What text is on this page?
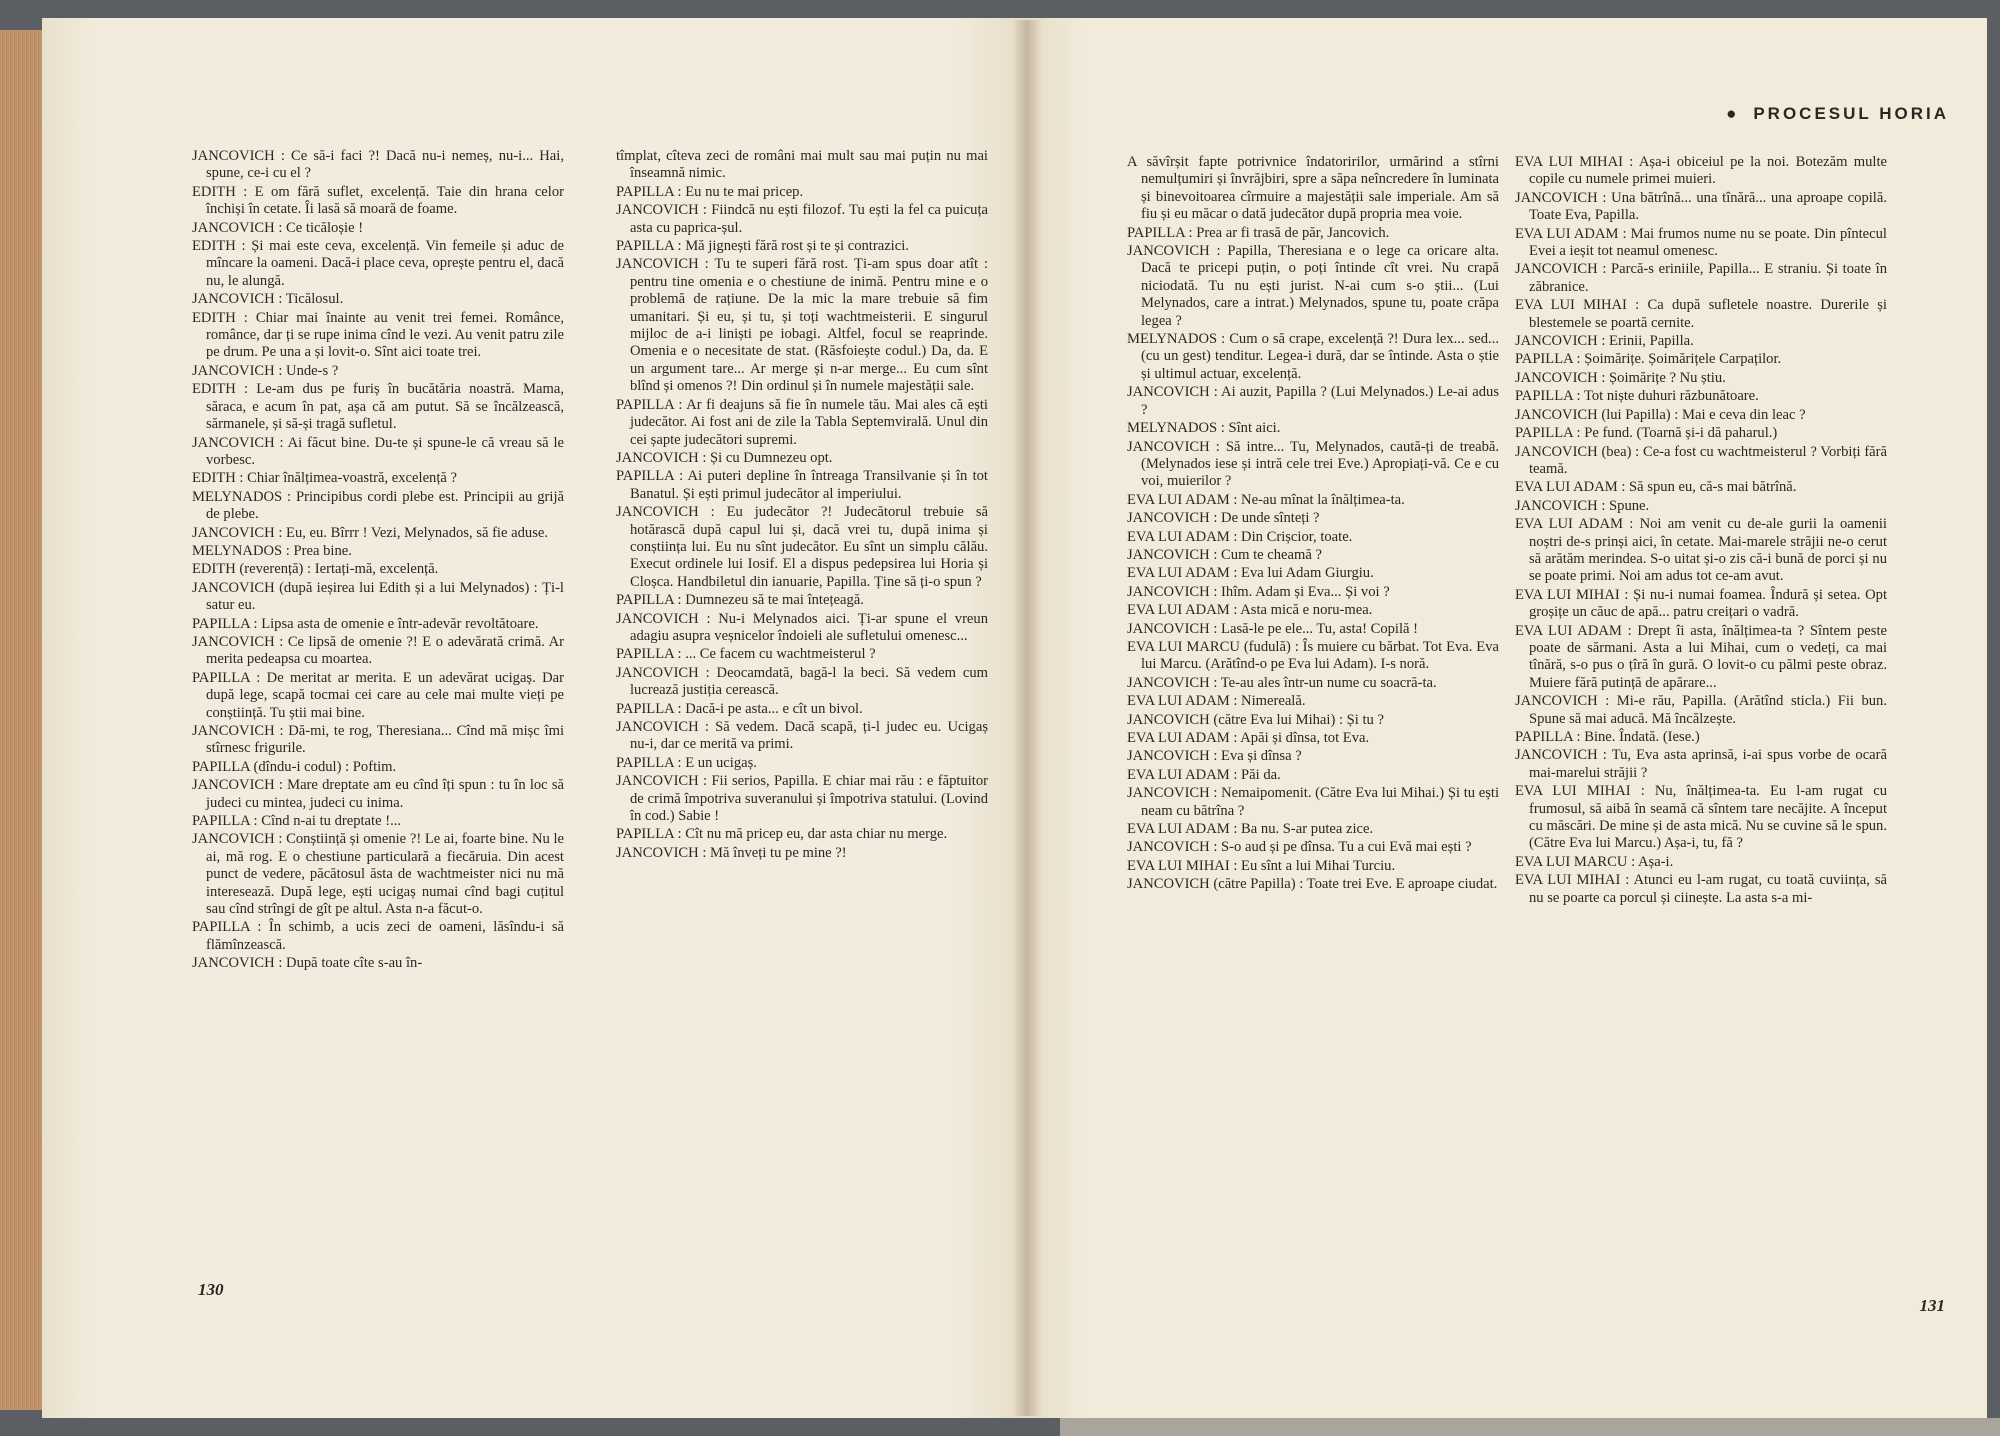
JANCOVICH : Ce să-i faci ?! Dacă nu-i nemeș, nu-i... Hai, spune, ce-i cu el ?

EDITH : E om fără suflet, excelență. Taie din hrana celor închiși în cetate. Îi lasă să moară de foame.

JANCOVICH : Ce ticăloșie !

EDITH : Și mai este ceva, excelență. Vin femeile și aduc de mîncare la oameni. Dacă-i place ceva, oprește pentru el, dacă nu, le alungă.

JANCOVICH : Ticălosul.

EDITH : Chiar mai înainte au venit trei femei. Românce, românce, dar ți se rupe inima cînd le vezi. Au venit patru zile pe drum. Pe una a și lovit-o. Sînt aici toate trei.

JANCOVICH : Unde-s ?

EDITH : Le-am dus pe furiș în bucătăria noastră. Mama, săraca, e acum în pat, așa că am putut. Să se încălzească, sărmanele, și să-și tragă sufletul.

JANCOVICH : Ai făcut bine. Du-te și spune-le că vreau să le vorbesc.

EDITH : Chiar înălțimea-voastră, excelență ?

MELYNADOS : Principibus cordi plebe est. Principii au grijă de plebe.

JANCOVICH : Eu, eu. Bîrrr ! Vezi, Melynados, să fie aduse.

MELYNADOS : Prea bine.

EDITH (reverență) : Iertați-mă, excelență.

JANCOVICH (după ieșirea lui Edith și a lui Melynados) : Ți-l satur eu.

PAPILLA : Lipsa asta de omenie e într-adevăr revoltătoare.

JANCOVICH : Ce lipsă de omenie ?! E o adevărată crimă. Ar merita pedeapsa cu moartea.

PAPILLA : De meritat ar merita. E un adevărat ucigaș. Dar după lege, scapă tocmai cei care au cele mai multe vieți pe conștiință. Tu știi mai bine.

JANCOVICH : Dă-mi, te rog, Theresiana... Cînd mă mișc îmi stîrnesc frigurile.

PAPILLA (dîndu-i codul) : Poftim.

JANCOVICH : Mare dreptate am eu cînd îți spun : tu în loc să judeci cu mintea, judeci cu inima.

PAPILLA : Cînd n-ai tu dreptate !...

JANCOVICH : Conștiință și omenie ?! Le ai, foarte bine. Nu le ai, mă rog. E o chestiune particulară a fiecăruia. Din acest punct de vedere, păcătosul ăsta de wachtmeister nici nu mă interesează. După lege, ești ucigaș numai cînd bagi cuțitul sau cînd strîngi de gît pe altul. Asta n-a făcut-o.

PAPILLA : În schimb, a ucis zeci de oameni, lăsîndu-i să flămînzească.

JANCOVICH : După toate cîte s-au în-

tîmplat, cîteva zeci de români mai mult sau mai puțin nu mai înseamnă nimic.

PAPILLA : Eu nu te mai pricep.

JANCOVICH : Fiindcă nu ești filozof. Tu ești la fel ca puicuța asta cu paprica-șul.

PAPILLA : Mă jignești fără rost și te și contrazici.

JANCOVICH : Tu te superi fără rost. Ți-am spus doar atît : pentru tine omenia e o chestiune de inimă. Pentru mine e o problemă de rațiune. De la mic la mare trebuie să fim umanitari. Și eu, și tu, și toți wachtmeisterii. E singurul mijloc de a-i liniști pe iobagi. Altfel, focul se reaprinde. Omenia e o necesitate de stat. (Răsfoiește codul.) Da, da. E un argument tare... Ar merge și n-ar merge... Eu cum sînt blînd și omenos ?! Din ordinul și în numele majestății sale.

PAPILLA : Ar fi deajuns să fie în numele tău. Mai ales că ești judecător. Ai fost ani de zile la Tabla Septemvirală. Unul din cei șapte judecători supremi.

JANCOVICH : Și cu Dumnezeu opt.

PAPILLA : Ai puteri depline în întreaga Transilvanie și în tot Banatul. Și ești primul judecător al imperiului.

JANCOVICH : Eu judecător ?! Judecătorul trebuie să hotărască după capul lui și, dacă vrei tu, după inima și conștiința lui. Eu nu sînt judecător. Eu sînt un simplu călău. Execut ordinele lui Iosif. El a dispus pedepsirea lui Horia și Cloșca. Handbiletul din ianuarie, Papilla. Ține să ți-o spun ?

PAPILLA : Dumnezeu să te mai întețeagă.

JANCOVICH : Nu-i Melynados aici. Ți-ar spune el vreun adagiu asupra veșnicelor îndoieli ale sufletului omenesc...

PAPILLA : ... Ce facem cu wachtmeisterul ?

JANCOVICH : Deocamdată, bagă-l la beci. Să vedem cum lucrează justiția cerească.

PAPILLA : Dacă-i pe asta... e cît un bivol.

JANCOVICH : Să vedem. Dacă scapă, ți-l judec eu. Ucigaș nu-i, dar ce merită va primi.

PAPILLA : E un ucigaș.

JANCOVICH : Fii serios, Papilla. E chiar mai rău : e făptuitor de crimă împotriva suveranului și împotriva statului. (Lovind în cod.) Sabie !

PAPILLA : Cît nu mă pricep eu, dar asta chiar nu merge.

JANCOVICH : Mă înveți tu pe mine ?!

130
● PROCESUL HORIA

A săvîrșit fapte potrivnice îndatoririlor, urmărind a stîrni nemulțumiri și învrăjbiri, spre a săpa neîncredere în luminata și binevoitoarea cîrmuire a majestății sale imperiale. Am să fiu și eu măcar o dată judecător după propria mea voie.

PAPILLA : Prea ar fi trasă de păr, Jancovich.

JANCOVICH : Papilla, Theresiana e o lege ca oricare alta. Dacă te pricepi puțin, o poți întinde cît vrei. Nu crapă niciodată. Tu nu ești jurist. N-ai cum s-o știi... (Lui Melynados, care a intrat.) Melynados, spune tu, poate crăpa legea ?

MELYNADOS : Cum o să crape, excelență ?! Dura lex... sed... (cu un gest) tenditur. Legea-i dură, dar se întinde. Asta o știe și ultimul actuar, excelență.

JANCOVICH : Ai auzit, Papilla ? (Lui Melynados.) Le-ai adus ?

MELYNADOS : Sînt aici.

JANCOVICH : Să intre... Tu, Melynados, caută-ți de treabă. (Melynados iese și intră cele trei Eve.) Apropiați-vă. Ce e cu voi, muierilor ?

EVA LUI ADAM : Ne-au mînat la înălțimea-ta.

JANCOVICH : De unde sînteți ?

EVA LUI ADAM : Din Crișcior, toate.

JANCOVICH : Cum te cheamă ?

EVA LUI ADAM : Eva lui Adam Giurgiu.

JANCOVICH : Ihîm. Adam și Eva... Și voi ?

EVA LUI ADAM : Asta mică e noru-mea.

JANCOVICH : Lasă-le pe ele... Tu, asta! Copilă !

EVA LUI MARCU (fudulă) : Îs muiere cu bărbat. Tot Eva. Eva lui Marcu. (Arătînd-o pe Eva lui Adam). I-s noră.

JANCOVICH : Te-au ales într-un nume cu soacră-ta.

EVA LUI ADAM : Nimereală.

JANCOVICH (către Eva lui Mihai) : Și tu ?

EVA LUI ADAM : Apăi și dînsa, tot Eva.

JANCOVICH : Eva și dînsa ?

EVA LUI ADAM : Păi da.

JANCOVICH : Nemaipomenit. (Către Eva lui Mihai.) Și tu ești neam cu bătrîna ?

EVA LUI ADAM : Ba nu. S-ar putea zice.

JANCOVICH : S-o aud și pe dînsa. Tu a cui Evă mai ești ?

EVA LUI MIHAI : Eu sînt a lui Mihai Turciu.

JANCOVICH (către Papilla) : Toate trei Eve. E aproape ciudat.

EVA LUI MIHAI : Așa-i obiceiul pe la noi. Botezăm multe copile cu numele primei muieri.

JANCOVICH : Una bătrînă... una tînără... una aproape copilă. Toate Eva, Papilla.

EVA LUI ADAM : Mai frumos nume nu se poate. Din pîntecul Evei a ieșit tot neamul omenesc.

JANCOVICH : Parcă-s eriniile, Papilla... E straniu. Și toate în zăbranice.

EVA LUI MIHAI : Ca după sufletele noastre. Durerile și blestemele se poartă cernite.

JANCOVICH : Erinii, Papilla.

PAPILLA : Șoimărițe. Șoimărițele Carpaților.

JANCOVICH : Șoimărițe ? Nu știu.

PAPILLA : Tot niște duhuri răzbunătoare.

JANCOVICH (lui Papilla) : Mai e ceva din leac ?

PAPILLA : Pe fund. (Toarnă și-i dă paharul.)

JANCOVICH (bea) : Ce-a fost cu wachtmeisterul ? Vorbiți fără teamă.

EVA LUI ADAM : Să spun eu, că-s mai bătrînă.

JANCOVICH : Spune.

EVA LUI ADAM : Noi am venit cu de-ale gurii la oamenii noștri de-s prinși aici, în cetate. Mai-marele străjii ne-o cerut să arătăm merindea. S-o uitat și-o zis că-i bună de porci și nu se poate primi. Noi am adus tot ce-am avut.

EVA LUI MIHAI : Și nu-i numai foamea. Îndură și setea. Opt groșițe un căuc de apă... patru creițari o vadră.

EVA LUI ADAM : Drept îi asta, înălțimea-ta ? Sîntem peste poate de sărmani. Asta a lui Mihai, cum o vedeți, ca mai tînără, s-o pus o țîră în gură. O lovit-o cu pălmi peste obraz. Muiere fără putință de apărare...

JANCOVICH : Mi-e rău, Papilla. (Arătînd sticla.) Fii bun. Spune să mai aducă. Mă încălzește.

PAPILLA : Bine. Îndată. (Iese.)

JANCOVICH : Tu, Eva asta aprinsă, i-ai spus vorbe de ocară mai-marelui străjii ?

EVA LUI MIHAI : Nu, înălțimea-ta. Eu l-am rugat cu frumosul, să aibă în seamă că sîntem tare necăjite. A început cu măscări. De mine și de asta mică. Nu se cuvine să le spun. (Către Eva lui Marcu.) Așa-i, tu, fă ?

EVA LUI MARCU : Așa-i.

EVA LUI MIHAI : Atunci eu l-am rugat, cu toată cuviința, să nu se poarte ca porcul și ciinește. La asta s-a mi-

131
